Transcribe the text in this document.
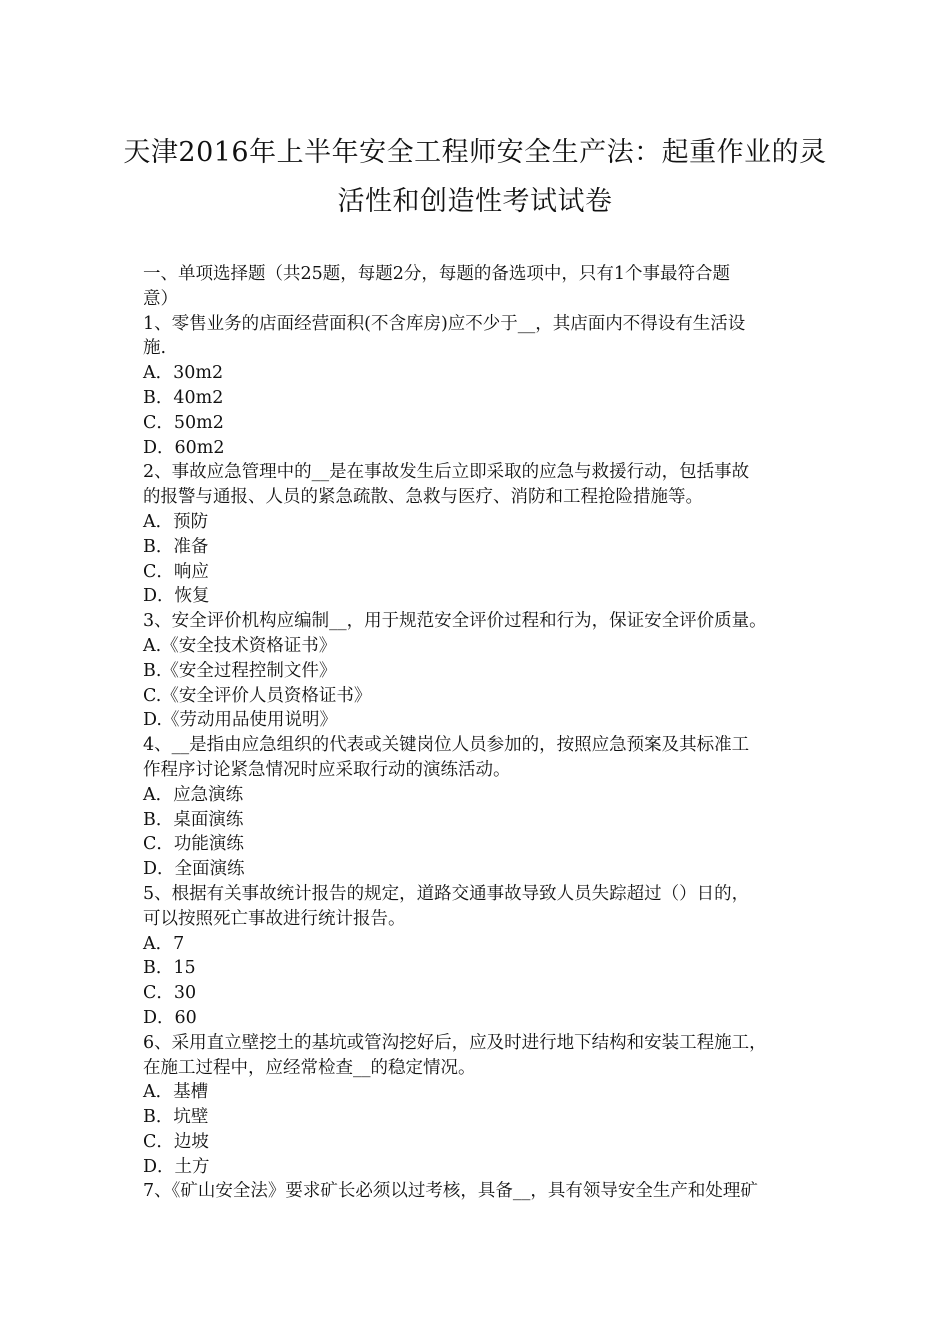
天津2016年上半年安全工程师安全生产法：起重作业的灵
活性和创造性考试试卷

一、单项选择题（共25题，每题2分，每题的备选项中，只有1个事最符合题

意）

1、零售业务的店面经营面积(不含库房)应不少于__，其店面内不得设有生活设

施.

A．30m2

B．40m2

C．50m2

D．60m2

2、事故应急管理中的__是在事故发生后立即采取的应急与救援行动，包括事故

的报警与通报、人员的紧急疏散、急救与医疗、消防和工程抢险措施等。

A．预防

B．准备

C．响应

D．恢复

3、安全评价机构应编制__，用于规范安全评价过程和行为，保证安全评价质量。

A.《安全技术资格证书》

B.《安全过程控制文件》

C.《安全评价人员资格证书》

D.《劳动用品使用说明》

4、__是指由应急组织的代表或关键岗位人员参加的，按照应急预案及其标准工

作程序讨论紧急情况时应采取行动的演练活动。

A．应急演练

B．桌面演练

C．功能演练

D．全面演练

5、根据有关事故统计报告的规定，道路交通事故导致人员失踪超过（）日的，

可以按照死亡事故进行统计报告。

A．7

B．15

C．30

D．60

6、采用直立壁挖土的基坑或管沟挖好后，应及时进行地下结构和安装工程施工，

在施工过程中，应经常检查__的稳定情况。

A．基槽

B．坑壁

C．边坡

D．土方

7、《矿山安全法》要求矿长必须以过考核，具备__，具有领导安全生产和处理矿
